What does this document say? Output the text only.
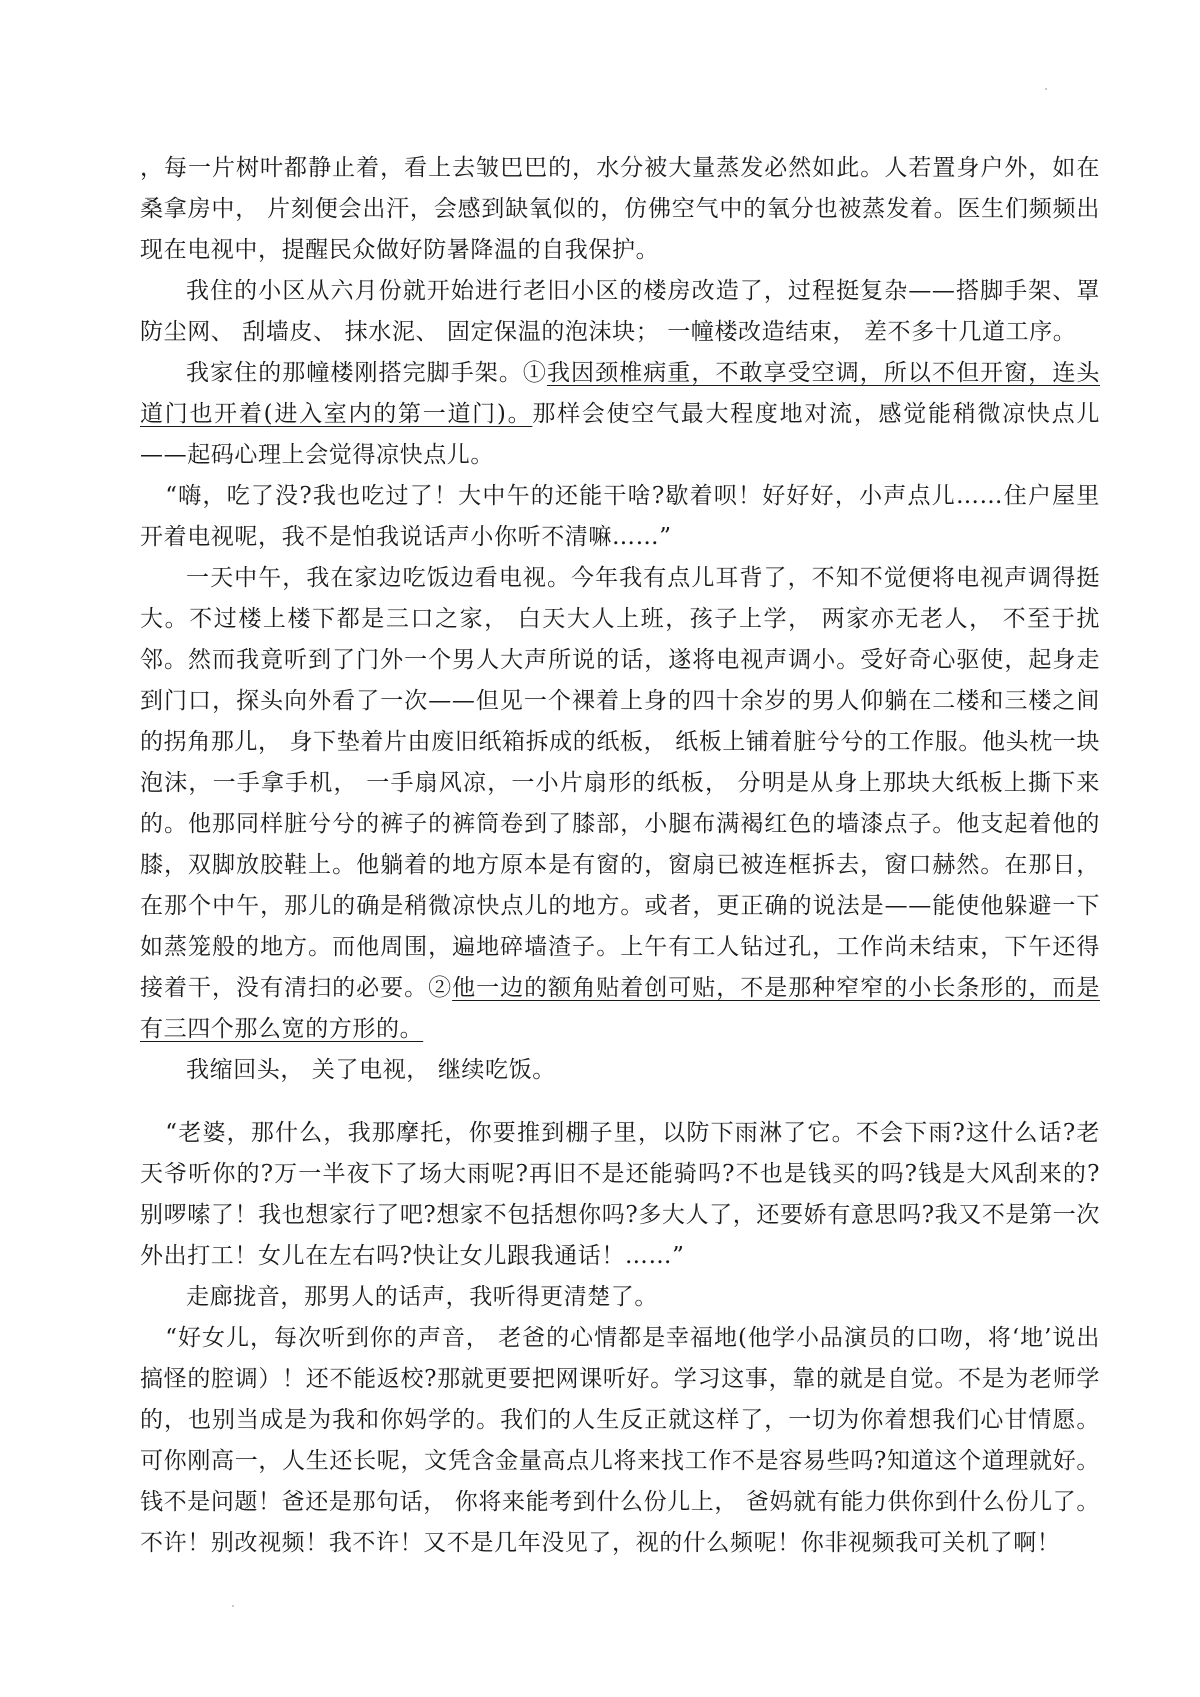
，每一片树叶都静止着，看上去皱巴巴的，水分被大量蒸发必然如此。人若置身户外，如在桑拿房中， 片刻便会出汗，会感到缺氧似的，仿佛空气中的氧分也被蒸发着。医生们频频出现在电视中，提醒民众做好防暑降温的自我保护。

我住的小区从六月份就开始进行老旧小区的楼房改造了，过程挺复杂——搭脚手架、罩防尘网、 刮墙皮、 抹水泥、 固定保温的泡沫块； 一幢楼改造结束， 差不多十几道工序。

我家住的那幢楼刚搭完脚手架。①我因颈椎病重，不敢享受空调，所以不但开窗，连头道门也开着(进入室内的第一道门)。那样会使空气最大程度地对流，感觉能稍微凉快点儿——起码心理上会觉得凉快点儿。

“嗨，吃了没?我也吃过了！大中午的还能干啥?歇着呗！好好好，小声点儿……住户屋里开着电视呢，我不是怕我说话声小你听不清嘛……”

一天中午，我在家边吃饭边看电视。今年我有点儿耳背了，不知不觉便将电视声调得挺大。不过楼上楼下都是三口之家， 白天大人上班，孩子上学， 两家亦无老人， 不至于扰邻。然而我竟听到了门外一个男人大声所说的话，遂将电视声调小。受好奇心驱使，起身走到门口，探头向外看了一次——但见一个裸着上身的四十余岁的男人仰躺在二楼和三楼之间的拐角那儿， 身下垫着片由废旧纸箱拆成的纸板， 纸板上铺着脏兮兮的工作服。他头枕一块泡沫，一手拿手机， 一手扇风凉，一小片扇形的纸板， 分明是从身上那块大纸板上撕下来的。他那同样脏兮兮的裤子的裤筒卷到了膝部，小腿布满褐红色的墙漆点子。他支起着他的膝，双脚放胶鞋上。他躺着的地方原本是有窗的，窗扇已被连框拆去，窗口赫然。在那日，在那个中午，那儿的确是稍微凉快点儿的地方。或者，更正确的说法是——能使他躲避一下如蒸笼般的地方。而他周围，遍地碎墙渣子。上午有工人钻过孔，工作尚未结束，下午还得接着干，没有清扫的必要。②他一边的额角贴着创可贴，不是那种窄窄的小长条形的，而是有三四个那么宽的方形的。

我缩回头， 关了电视， 继续吃饭。

“老婆，那什么，我那摩托，你要推到棚子里，以防下雨淋了它。不会下雨?这什么话?老天爷听你的?万一半夜下了场大雨呢?再旧不是还能骑吗?不也是钱买的吗?钱是大风刮来的?别啰嗦了！我也想家行了吧?想家不包括想你吗?多大人了，还要娇有意思吗?我又不是第一次外出打工！女儿在左右吗?快让女儿跟我通话！……”

走廊拢音，那男人的话声，我听得更清楚了。

“好女儿，每次听到你的声音， 老爸的心情都是幸福地(他学小品演员的口吻，将‘地’说出搞怪的腔调）！还不能返校?那就更要把网课听好。学习这事，靠的就是自觉。不是为老师学的，也别当成是为我和你妈学的。我们的人生反正就这样了，一切为你着想我们心甘情愿。可你刚高一，人生还长呢，文凭含金量高点儿将来找工作不是容易些吗?知道这个道理就好。 钱不是问题！爸还是那句话， 你将来能考到什么份儿上， 爸妈就有能力供你到什么份儿了。不许！别改视频！我不许！又不是几年没见了，视的什么频呢！你非视频我可关机了啊！
